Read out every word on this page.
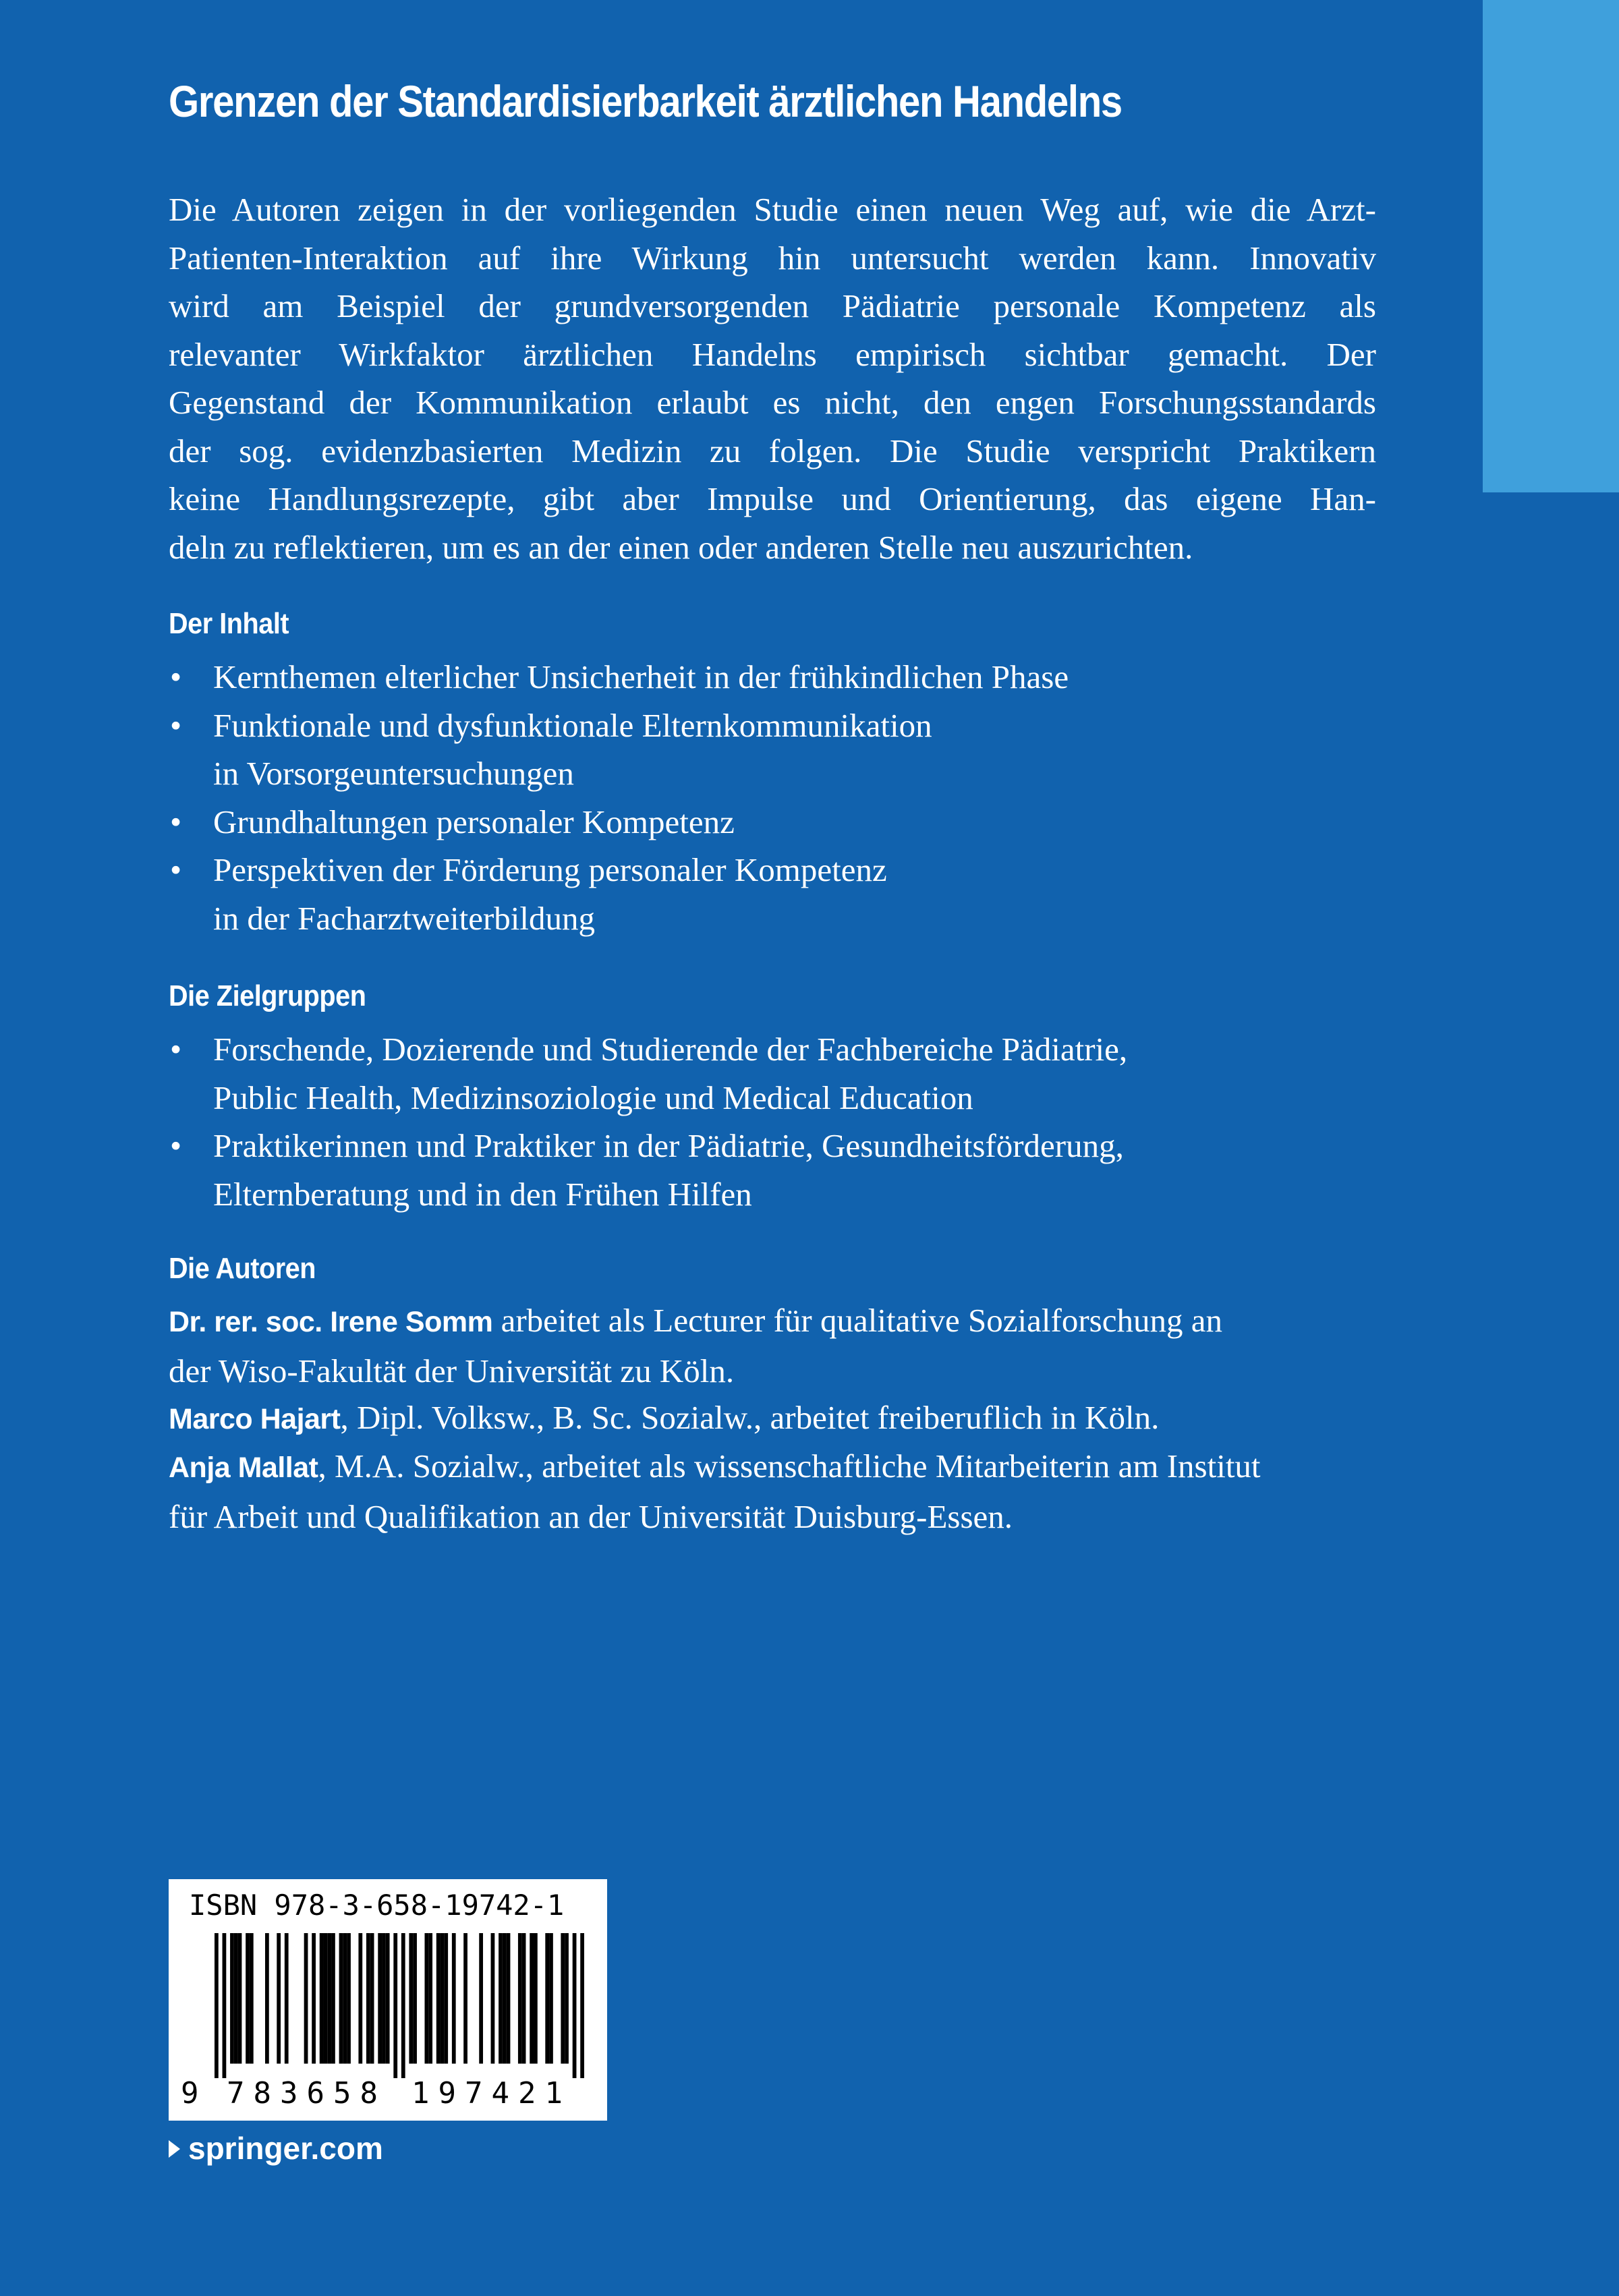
Grenzen der Standardisierbarkeit ärztlichen Handelns
Die Autoren zeigen in der vorliegenden Studie einen neuen Weg auf, wie die Arzt-
Patienten-Interaktion auf ihre Wirkung hin untersucht werden kann. Innovativ
wird am Beispiel der grundversorgenden Pädiatrie personale Kompetenz als
relevanter Wirkfaktor ärztlichen Handelns empirisch sichtbar gemacht. Der
Gegenstand der Kommunikation erlaubt es nicht, den engen Forschungsstandards
der sog. evidenzbasierten Medizin zu folgen. Die Studie verspricht Praktikern
keine Handlungsrezepte, gibt aber Impulse und Orientierung, das eigene Han-
deln zu reflektieren, um es an der einen oder anderen Stelle neu auszurichten.
Der Inhalt
• Kernthemen elterlicher Unsicherheit in der frühkindlichen Phase
• Funktionale und dysfunktionale Elternkommunikation
in Vorsorgeuntersuchungen
• Grundhaltungen personaler Kompetenz
• Perspektiven der Förderung personaler Kompetenz
in der Facharztweiterbildung
Die Zielgruppen
• Forschende, Dozierende und Studierende der Fachbereiche Pädiatrie,
Public Health, Medizinsoziologie und Medical Education
• Praktikerinnen und Praktiker in der Pädiatrie, Gesundheitsförderung,
Elternberatung und in den Frühen Hilfen
Die Autoren
Dr. rer. soc. Irene Somm arbeitet als Lecturer für qualitative Sozialforschung an
der Wiso-Fakultät der Universität zu Köln.
Marco Hajart, Dipl. Volksw., B. Sc. Sozialw., arbeitet freiberuflich in Köln.
Anja Mallat, M.A. Sozialw., arbeitet als wissenschaftliche Mitarbeiterin am Institut
für Arbeit und Qualifikation an der Universität Duisburg-Essen.
ISBN 978-3-658-19742-1
9 783658 197421
springer.com
